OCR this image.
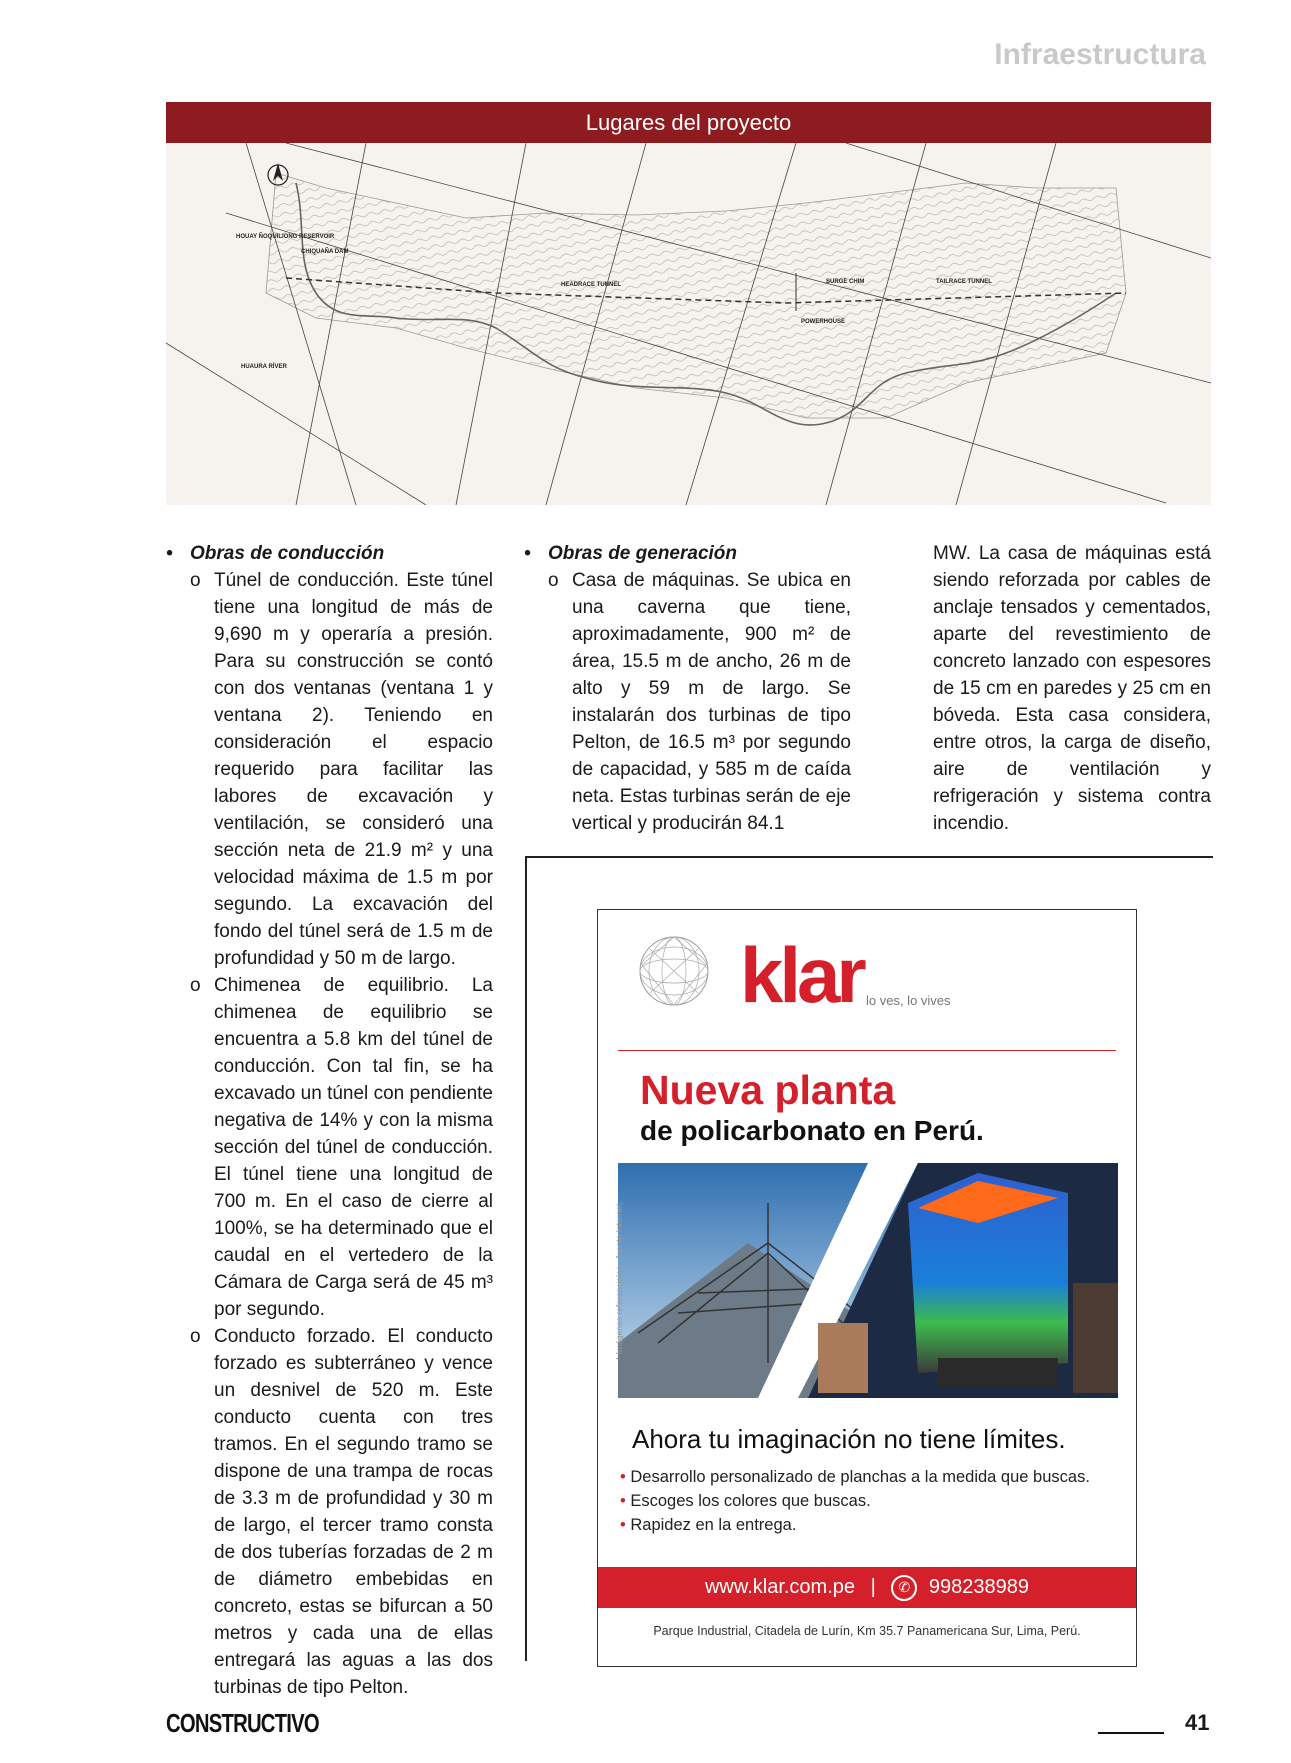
Infraestructura
Lugares del proyecto
HOUAY ÑOQUILIONG RESERVOIR
CHIQUAÑA DAM
HEADRACE TUNNEL	SURGE CHIM	TAILRACE TUNNEL
POWERHOUSE
HUAURA RÍVER
• Obras de conducción
o Túnel de conducción. Este túnel tiene una longitud de más de 9,690 m y operaría a presión. Para su construcción se contó con dos ventanas (ventana 1 y ventana 2). Teniendo en consideración el espacio requerido para facilitar las labores de excavación y ventilación, se consideró una sección neta de 21.9 m² y una velocidad máxima de 1.5 m por segundo. La excavación del fondo del túnel será de 1.5 m de profundidad y 50 m de largo.
o Chimenea de equilibrio. La chimenea de equilibrio se encuentra a 5.8 km del túnel de conducción. Con tal fin, se ha excavado un túnel con pendiente negativa de 14% y con la misma sección del túnel de conducción. El túnel tiene una longitud de 700 m. En el caso de cierre al 100%, se ha determinado que el caudal en el vertedero de la Cámara de Carga será de 45 m³ por segundo.
o Conducto forzado. El conducto forzado es subterráneo y vence un desnivel de 520 m. Este conducto cuenta con tres tramos. En el segundo tramo se dispone de una trampa de rocas de 3.3 m de profundidad y 30 m de largo, el tercer tramo consta de dos tuberías forzadas de 2 m de diámetro embebidas en concreto, estas se bifurcan a 50 metros y cada una de ellas entregará las aguas a las dos turbinas de tipo Pelton.
• Obras de generación
o Casa de máquinas. Se ubica en una caverna que tiene, aproximadamente, 900 m² de área, 15.5 m de ancho, 26 m de alto y 59 m de largo. Se instalarán dos turbinas de tipo Pelton, de 16.5 m³ por segundo de capacidad, y 585 m de caída neta. Estas turbinas serán de eje vertical y producirán 84.1
MW. La casa de máquinas está siendo reforzada por cables de anclaje tensados y cementados, aparte del revestimiento de concreto lanzado con espesores de 15 cm en paredes y 25 cm en bóveda. Esta casa considera, entre otros, la carga de diseño, aire de ventilación y refrigeración y sistema contra incendio.
klar lo ves, lo vives
Nueva planta
de policarbonato en Perú.
* Imágenes referenciales - fuente Internet.
Ahora tu imaginación no tiene límites.
• Desarrollo personalizado de planchas a la medida que buscas.
• Escoges los colores que buscas.
• Rapidez en la entrega.
www.klar.com.pe | ✆ 998238989
Parque Industrial, Citadela de Lurín, Km 35.7 Panamericana Sur, Lima, Perú.
CONSTRUCTIVO	41
